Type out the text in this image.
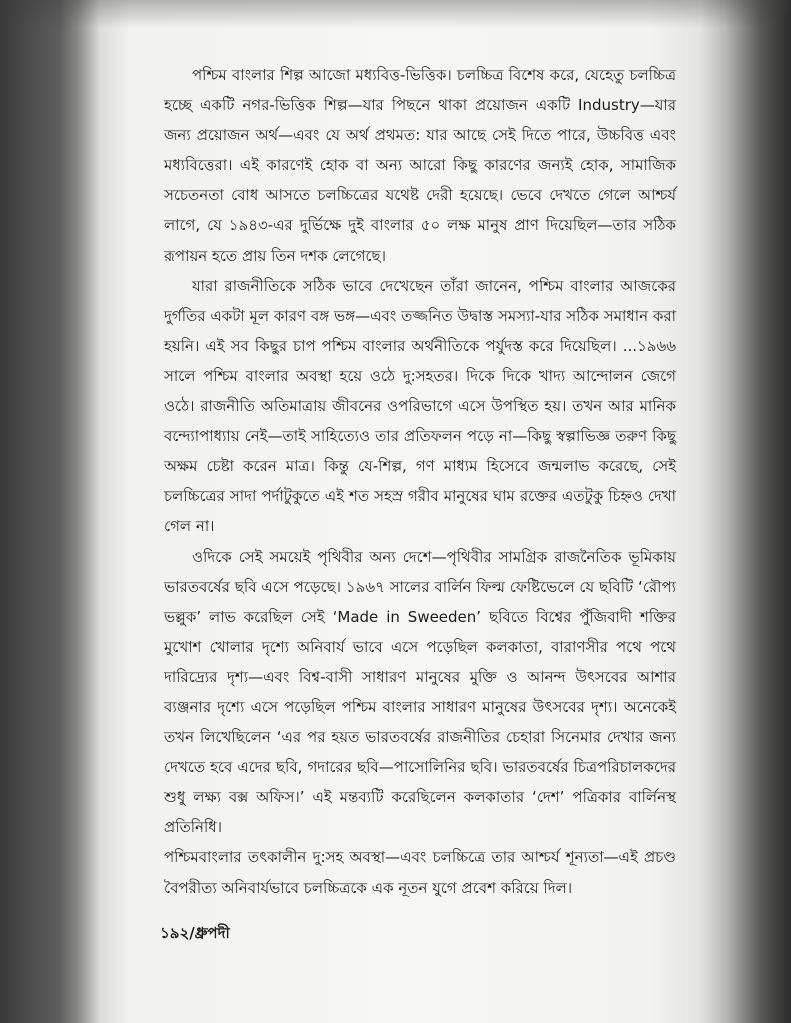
পশ্চিম বাংলার শিল্প আজো মধ্যবিত্ত-ভিত্তিক। চলচ্চিত্র বিশেষ করে, যেহেতু চলচ্চিত্র হচ্ছে একটি নগর-ভিত্তিক শিল্প—যার পিছনে থাকা প্রয়োজন একটি Industry—যার জন্য প্রয়োজন অর্থ—এবং যে অর্থ প্রথমত: যার আছে সেই দিতে পারে, উচ্চবিত্ত এবং মধ্যবিত্তেরা। এই কারণেই হোক বা অন্য আরো কিছু কারণের জন্যই হোক, সামাজিক সচেতনতা বোধ আসতে চলচ্চিত্রের যথেষ্ট দেরী হয়েছে। ভেবে দেখতে গেলে আশ্চর্য লাগে, যে ১৯৪৩-এর দুর্ভিক্ষে দুই বাংলার ৫০ লক্ষ মানুষ প্রাণ দিয়েছিল—তার সঠিক রূপায়ন হতে প্রায় তিন দশক লেগেছে।

যারা রাজনীতিকে সঠিক ভাবে দেখেছেন তাঁরা জানেন, পশ্চিম বাংলার আজকের দুর্গতির একটা মূল কারণ বঙ্গ ভঙ্গ—এবং তজ্জনিত উদ্বাস্ত সমস্যা-যার সঠিক সমাধান করা হয়নি। এই সব কিছুর চাপ পশ্চিম বাংলার অর্থনীতিকে পর্যুদস্ত করে দিয়েছিল। ...১৯৬৬ সালে পশ্চিম বাংলার অবস্থা হয়ে ওঠে দু:সহতর। দিকে দিকে খাদ্য আন্দোলন জেগে ওঠে। রাজনীতি অতিমাত্রায় জীবনের ওপরিভাগে এসে উপস্থিত হয়। তখন আর মানিক বন্দ্যোপাধ্যায় নেই—তাই সাহিত্যেও তার প্রতিফলন পড়ে না—কিছু স্বল্পাভিজ্ঞ তরুণ কিছু অক্ষম চেষ্টা করেন মাত্র। কিন্তু যে-শিল্প, গণ মাধ্যম হিসেবে জন্মলাভ করেছে, সেই চলচ্চিত্রের সাদা পর্দাটুকুতে এই শত সহস্র গরীব মানুষের ঘাম রক্তের এতটুকু চিহ্নও দেখা গেল না।

ওদিকে সেই সময়েই পৃথিবীর অন্য দেশে—পৃথিবীর সামগ্রিক রাজনৈতিক ভূমিকায় ভারতবর্ষের ছবি এসে পড়েছে। ১৯৬৭ সালের বার্লিন ফিল্ম ফেষ্টিভেলে যে ছবিটি ‘রৌপ্য ভল্লুক’ লাভ করেছিল সেই ‘Made in Sweeden’ ছবিতে বিশ্বের পুঁজিবাদী শক্তির মুখোশ খোলার দৃশ্যে অনিবার্য ভাবে এসে পড়েছিল কলকাতা, বারাণসীর পথে পথে দারিদ্র্যের দৃশ্য—এবং বিশ্ব-বাসী সাধারণ মানুষের মুক্তি ও আনন্দ উৎসবের আশার ব্যঞ্জনার দৃশ্যে এসে পড়েছিল পশ্চিম বাংলার সাধারণ মানুষের উৎসবের দৃশ্য। অনেকেই তখন লিখেছিলেন ‘এর পর হয়ত ভারতবর্ষের রাজনীতির চেহারা সিনেমার দেখার জন্য দেখতে হবে এদের ছবি, গদারের ছবি—পাসোলিনির ছবি। ভারতবর্ষের চিত্রপরিচালকদের শুধু লক্ষ্য বক্স অফিস।’ এই মন্তব্যটি করেছিলেন কলকাতার ‘দেশ’ পত্রিকার বার্লিনস্থ প্রতিনিধি।

পশ্চিমবাংলার তৎকালীন দু:সহ অবস্থা—এবং চলচ্চিত্রে তার আশ্চর্য শূন্যতা—এই প্রচণ্ড বৈপরীত্য অনিবার্যভাবে চলচ্চিত্রকে এক নূতন যুগে প্রবেশ করিয়ে দিল।

১৯২/ধ্রুপদী
